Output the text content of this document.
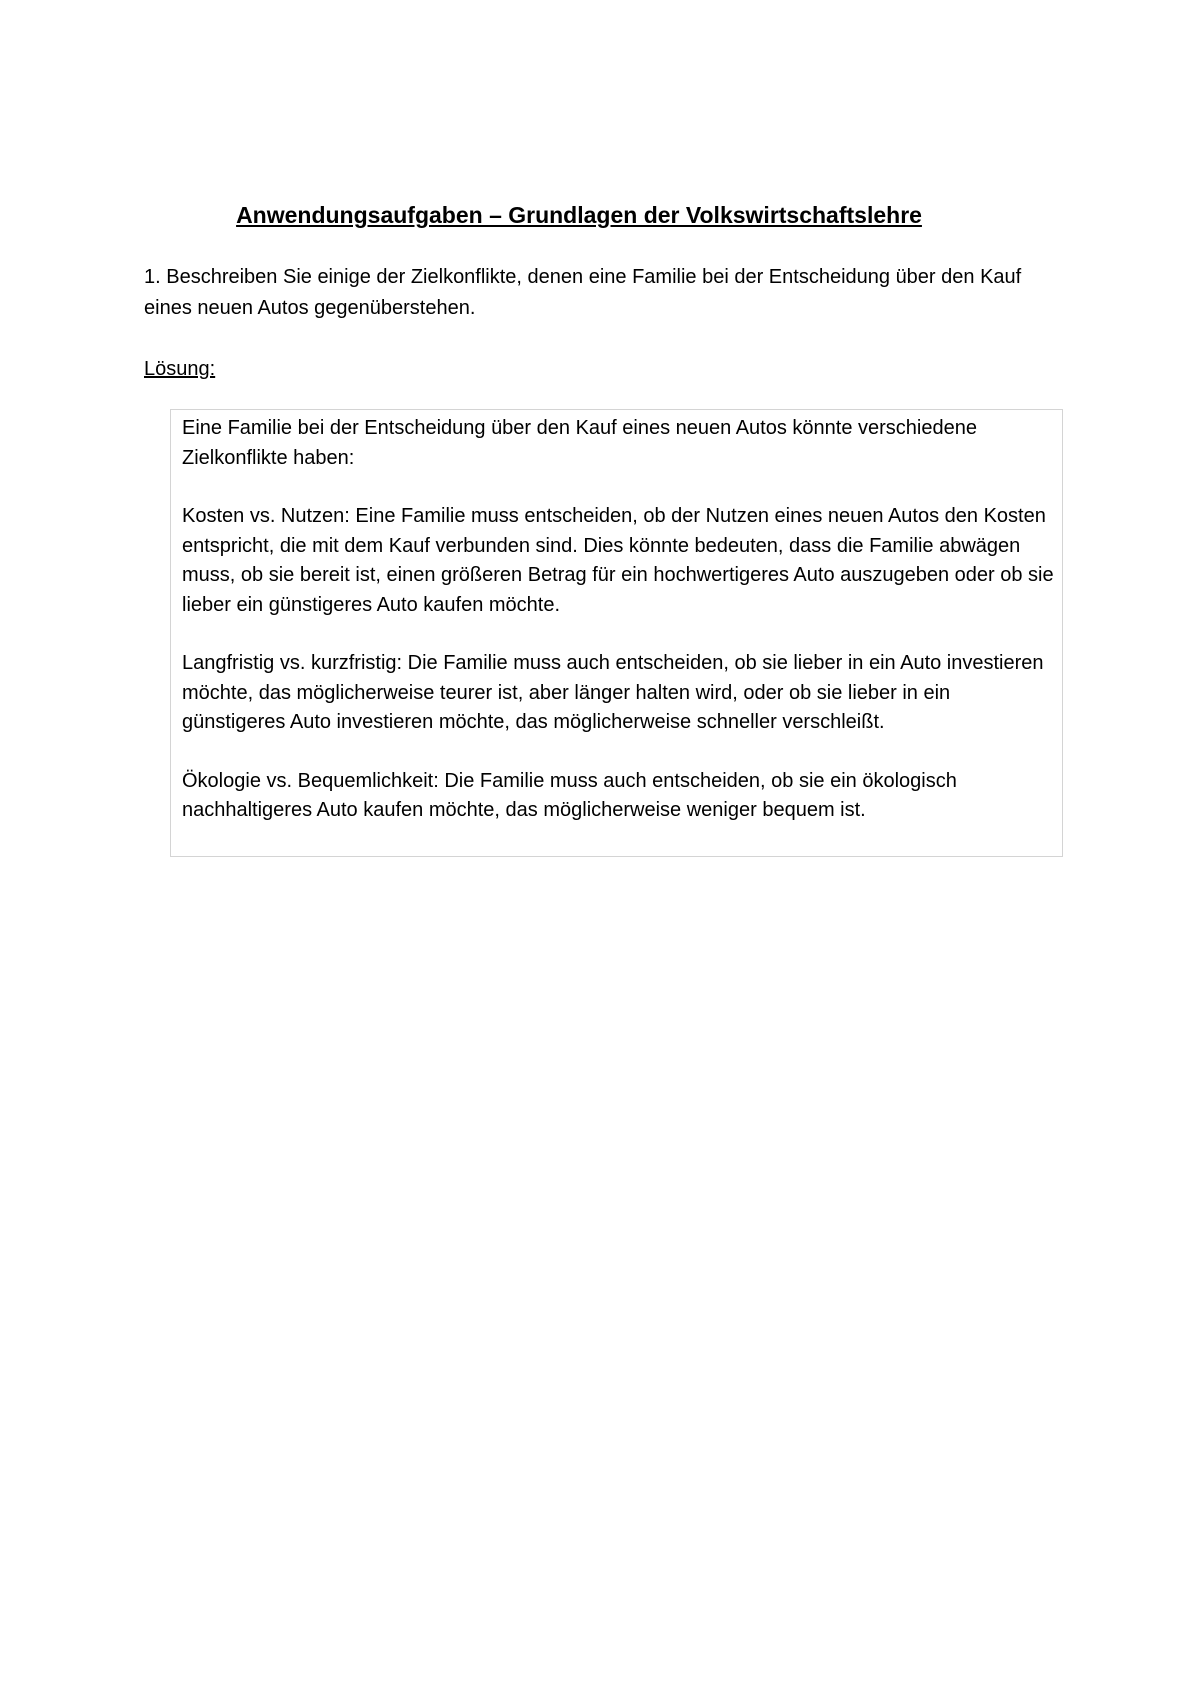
Anwendungsaufgaben – Grundlagen der Volkswirtschaftslehre

1. Beschreiben Sie einige der Zielkonflikte, denen eine Familie bei der Entscheidung über den Kauf eines neuen Autos gegenüberstehen.

Lösung:

Eine Familie bei der Entscheidung über den Kauf eines neuen Autos könnte verschiedene Zielkonflikte haben:

Kosten vs. Nutzen: Eine Familie muss entscheiden, ob der Nutzen eines neuen Autos den Kosten entspricht, die mit dem Kauf verbunden sind. Dies könnte bedeuten, dass die Familie abwägen muss, ob sie bereit ist, einen größeren Betrag für ein hochwertigeres Auto auszugeben oder ob sie lieber ein günstigeres Auto kaufen möchte.

Langfristig vs. kurzfristig: Die Familie muss auch entscheiden, ob sie lieber in ein Auto investieren möchte, das möglicherweise teurer ist, aber länger halten wird, oder ob sie lieber in ein günstigeres Auto investieren möchte, das möglicherweise schneller verschleißt.

Ökologie vs. Bequemlichkeit: Die Familie muss auch entscheiden, ob sie ein ökologisch nachhaltigeres Auto kaufen möchte, das möglicherweise weniger bequem ist.
